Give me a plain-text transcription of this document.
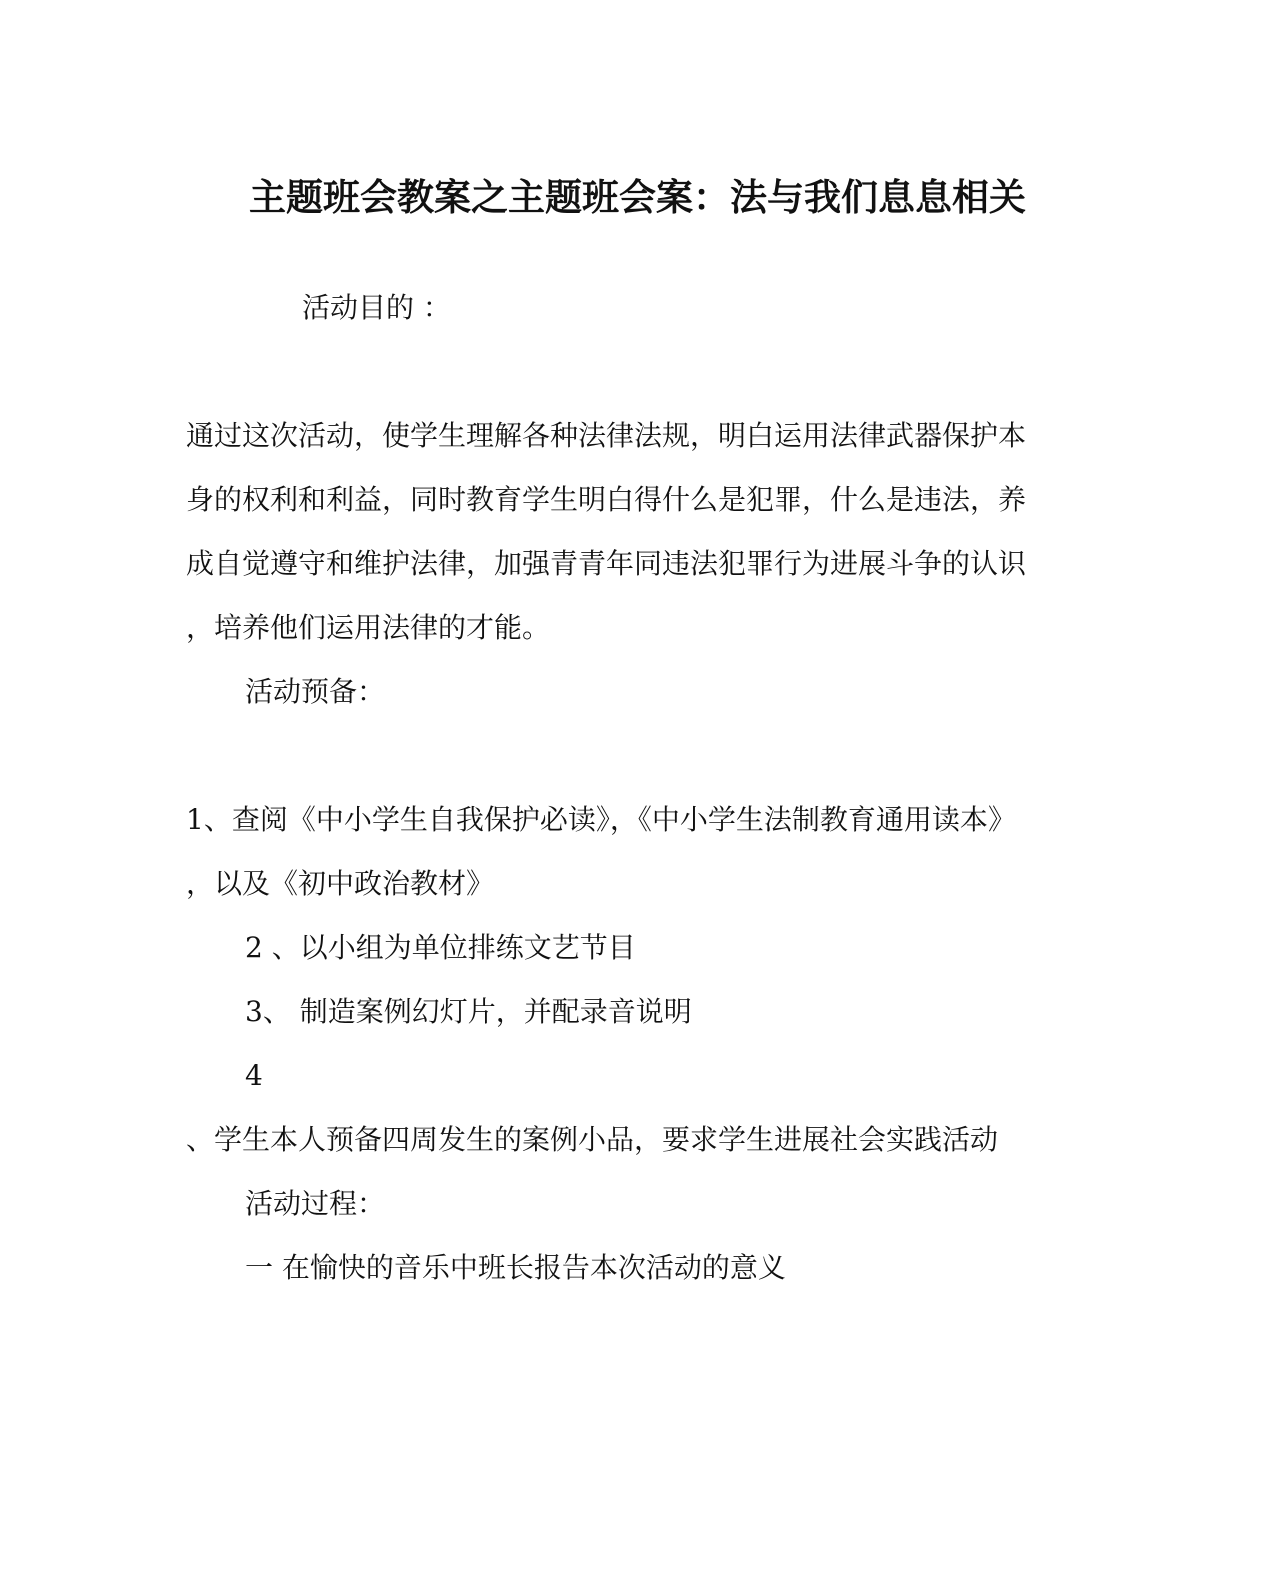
主题班会教案之主题班会案：法与我们息息相关
活动目的 ：
通过这次活动，使学生理解各种法律法规，明白运用法律武器保护本
身的权利和利益，同时教育学生明白得什么是犯罪，什么是违法，养
成自觉遵守和维护法律，加强青青年同违法犯罪行为进展斗争的认识
，培养他们运用法律的才能。
活动预备：
1、查阅《中小学生自我保护必读》，《中小学生法制教育通用读本》
，以及《初中政治教材》
2 、以小组为单位排练文艺节目
3、 制造案例幻灯片，并配录音说明
4
、学生本人预备四周发生的案例小品，要求学生进展社会实践活动
活动过程：
一 在愉快的音乐中班长报告本次活动的意义
